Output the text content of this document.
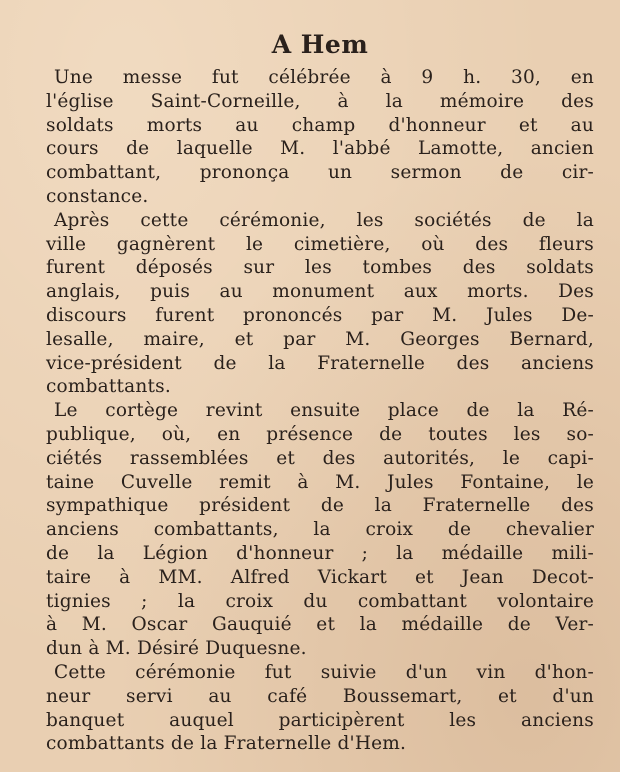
A Hem

Une messe fut célébrée à 9 h. 30, en
l'église Saint-Corneille, à la mémoire des
soldats morts au champ d'honneur et au
cours de laquelle M. l'abbé Lamotte, ancien
combattant, prononça un sermon de cir-
constance.

Après cette cérémonie, les sociétés de la
ville gagnèrent le cimetière, où des fleurs
furent déposés sur les tombes des soldats
anglais, puis au monument aux morts. Des
discours furent prononcés par M. Jules De-
lesalle, maire, et par M. Georges Bernard,
vice-président de la Fraternelle des anciens
combattants.

Le cortège revint ensuite place de la Ré-
publique, où, en présence de toutes les so-
ciétés rassemblées et des autorités, le capi-
taine Cuvelle remit à M. Jules Fontaine, le
sympathique président de la Fraternelle des
anciens combattants, la croix de chevalier
de la Légion d'honneur ; la médaille mili-
taire à MM. Alfred Vickart et Jean Decot-
tignies ; la croix du combattant volontaire
à M. Oscar Gauquié et la médaille de Ver-
dun à M. Désiré Duquesne.

Cette cérémonie fut suivie d'un vin d'hon-
neur servi au café Boussemart, et d'un
banquet auquel participèrent les anciens
combattants de la Fraternelle d'Hem.
